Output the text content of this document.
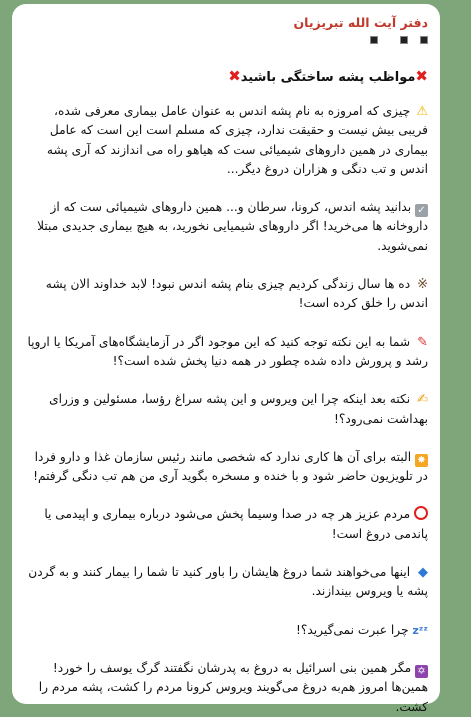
دفتر آیت الله تبریزیان
✖مواظب پشه ساختگی باشید✖

⚠ چیزی که امروزه به نام پشه اندس به عنوان عامل بیماری معرفی شده، فریبی بیش نیست و حقیقت ندارد، چیزی که مسلم است این است که عامل بیماری در همین داروهای شیمیائی ست که هیاهو راه می اندازند که آری پشه اندس و تب دنگی و هزاران دروغ دیگر...

✓ بدانید پشه اندس، کرونا، سرطان و... همین داروهای شیمیائی ست که از داروخانه ها می‌خرید! اگر داروهای شیمیایی نخورید، به هیچ بیماری جدیدی مبتلا نمی‌شوید.

※ ده ها سال زندگی کردیم چیزی بنام پشه اندس نبود! لابد خداوند الان پشه اندس را خلق کرده است!

✎ شما به این نکته توجه کنید که این موجود اگر در آزمایشگاه‌های آمریکا یا اروپا رشد و پرورش داده شده چطور در همه دنیا پخش شده است؟!

✍ نکته بعد اینکه چرا این ویروس و این پشه سراغ رؤسا، مسئولین و وزرای بهداشت نمی‌رود؟!

✸ البته برای آن ها کاری ندارد که شخصی مانند رئیس سازمان غذا و دارو فردا در تلویزیون حاضر شود و با خنده و مسخره بگوید آری من هم تب دنگی گرفتم!

مردم عزیز هر چه در صدا وسیما پخش می‌شود درباره بیماری و اپیدمی یا پاندمی دروغ است!

◆ اینها می‌خواهند شما دروغ هایشان را باور کنید تا شما را بیمار کنند و به گردن پشه یا ویروس بیندازند.

zᶻᶻ چرا عبرت نمی‌گیرید؟!

✡ مگر همین بنی اسرائیل به دروغ به پدرشان نگفتند گرگ یوسف را خورد! همین‌ها امروز هم‌به دروغ می‌گویند ویروس کرونا مردم را کشت، پشه مردم را کشت.
